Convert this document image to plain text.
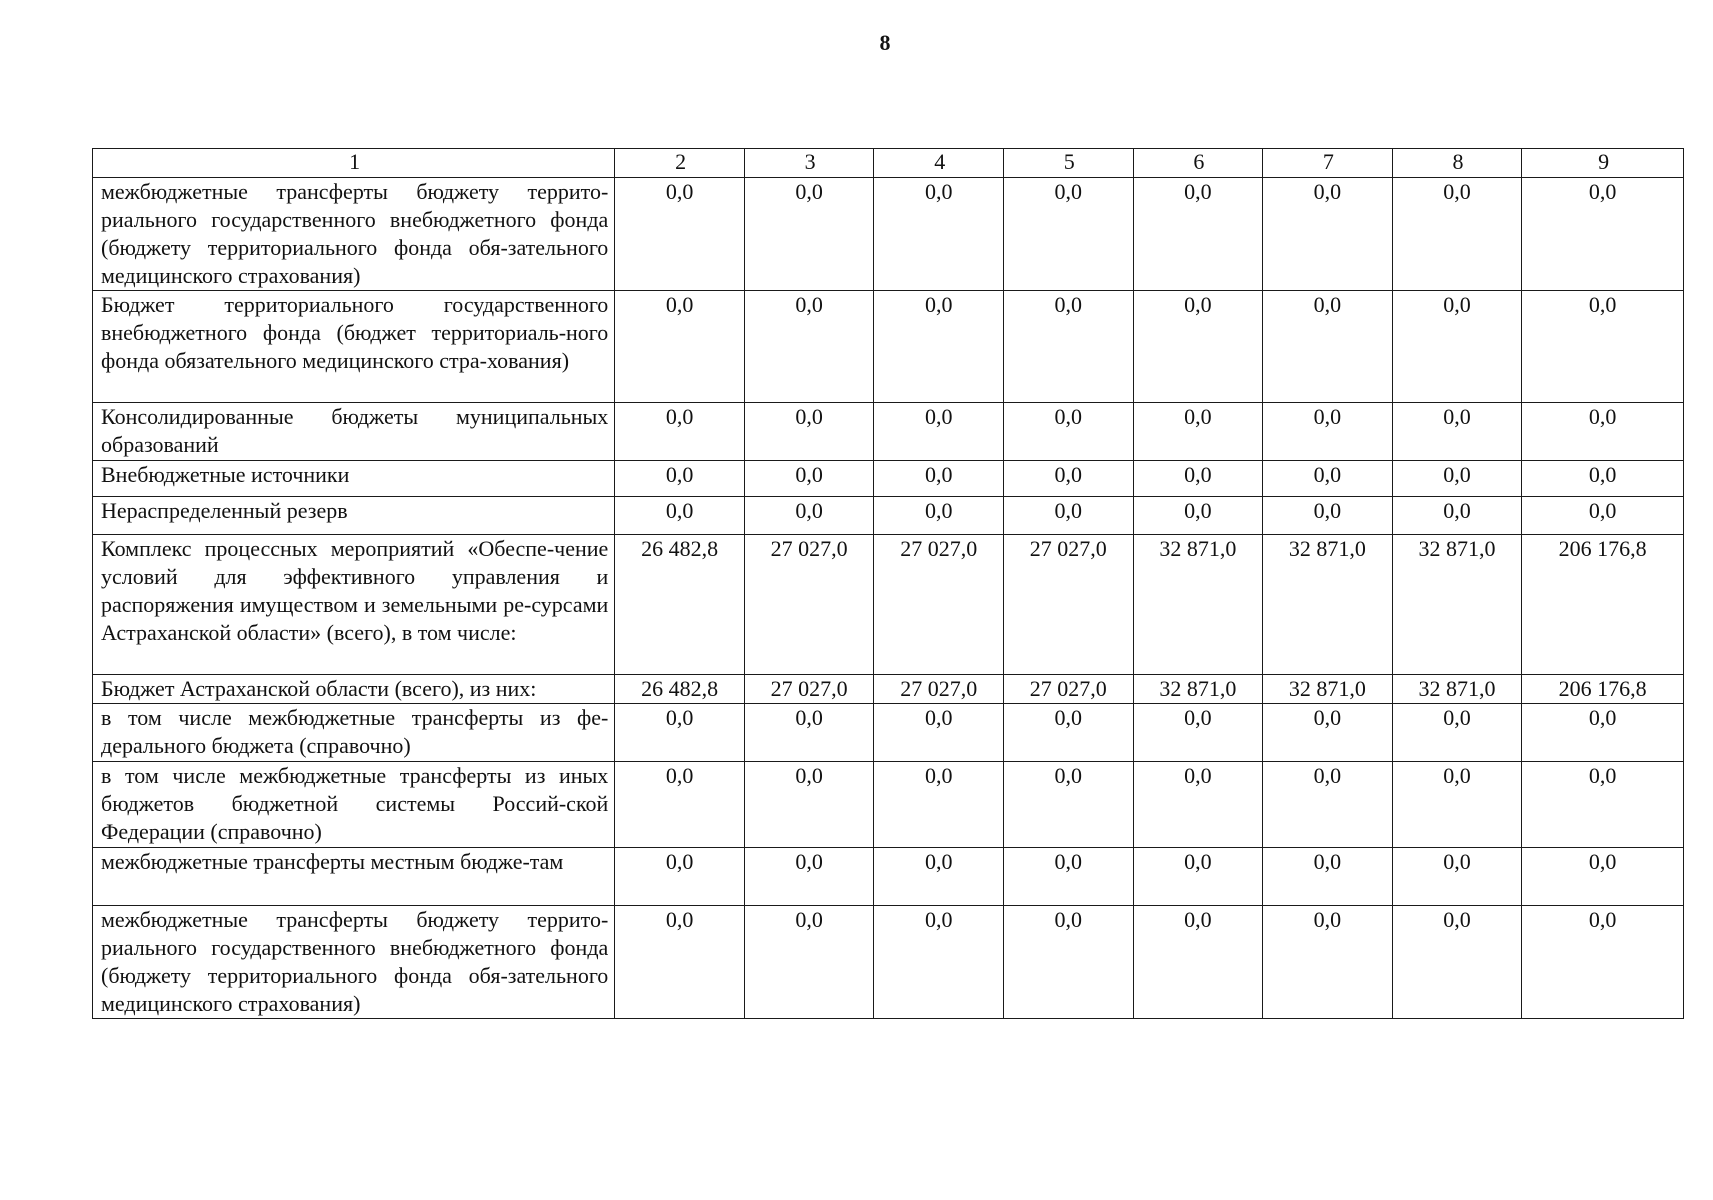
8
1	2	3	4	5	6	7	8	9
межбюджетные трансферты бюджету террито-риального государственного внебюджетного фонда (бюджету территориального фонда обя-зательного медицинского страхования)	0,0	0,0	0,0	0,0	0,0	0,0	0,0	0,0
Бюджет территориального государственного внебюджетного фонда (бюджет территориаль-ного фонда обязательного медицинского стра-хования)	0,0	0,0	0,0	0,0	0,0	0,0	0,0	0,0
Консолидированные бюджеты муниципальных образований	0,0	0,0	0,0	0,0	0,0	0,0	0,0	0,0
Внебюджетные источники	0,0	0,0	0,0	0,0	0,0	0,0	0,0	0,0
Нераспределенный резерв	0,0	0,0	0,0	0,0	0,0	0,0	0,0	0,0
Комплекс процессных мероприятий «Обеспе-чение условий для эффективного управления и распоряжения имуществом и земельными ре-сурсами Астраханской области» (всего), в том числе:	26 482,8	27 027,0	27 027,0	27 027,0	32 871,0	32 871,0	32 871,0	206 176,8
Бюджет Астраханской области (всего), из них:	26 482,8	27 027,0	27 027,0	27 027,0	32 871,0	32 871,0	32 871,0	206 176,8
в том числе межбюджетные трансферты из фе-дерального бюджета (справочно)	0,0	0,0	0,0	0,0	0,0	0,0	0,0	0,0
в том числе межбюджетные трансферты из иных бюджетов бюджетной системы Россий-ской Федерации (справочно)	0,0	0,0	0,0	0,0	0,0	0,0	0,0	0,0
межбюджетные трансферты местным бюдже-там	0,0	0,0	0,0	0,0	0,0	0,0	0,0	0,0
межбюджетные трансферты бюджету террито-риального государственного внебюджетного фонда (бюджету территориального фонда обя-зательного медицинского страхования)	0,0	0,0	0,0	0,0	0,0	0,0	0,0	0,0
